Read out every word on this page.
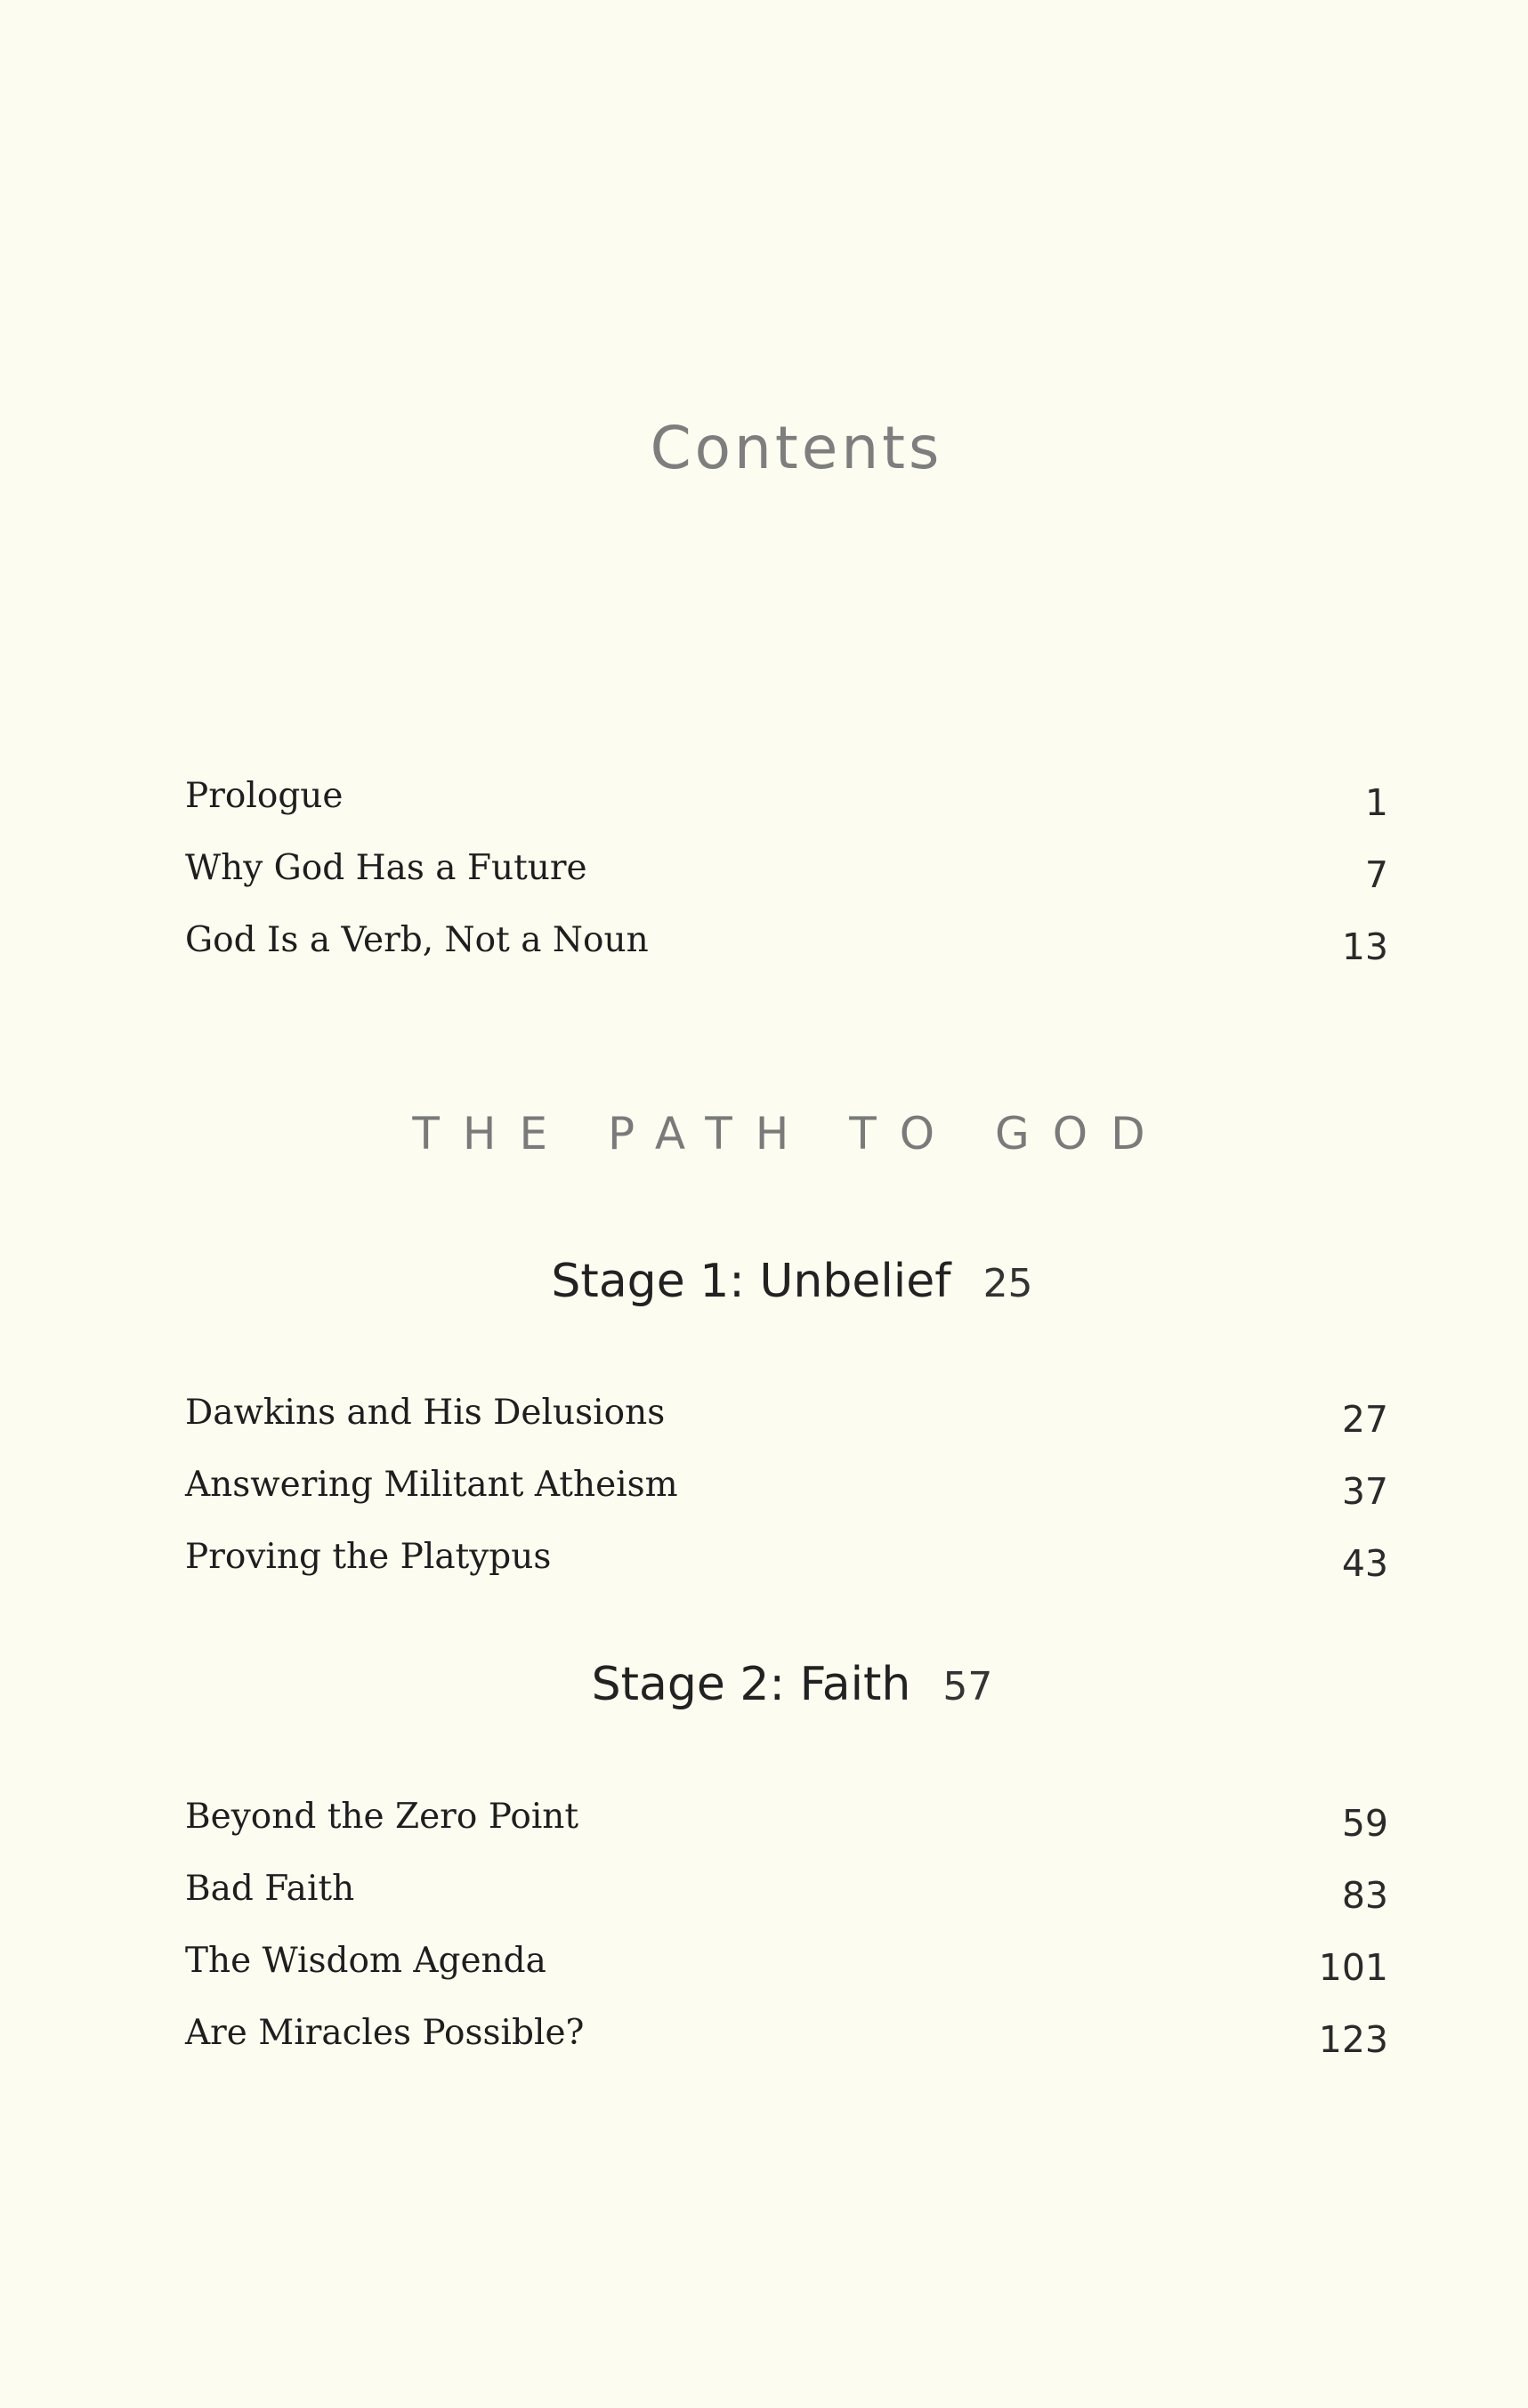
Contents
Prologue	1
Why God Has a Future	7
God Is a Verb, Not a Noun	13
THE PATH TO GOD
Stage 1: Unbelief 25
Dawkins and His Delusions	27
Answering Militant Atheism	37
Proving the Platypus	43
Stage 2: Faith 57
Beyond the Zero Point	59
Bad Faith	83
The Wisdom Agenda	101
Are Miracles Possible?	123
